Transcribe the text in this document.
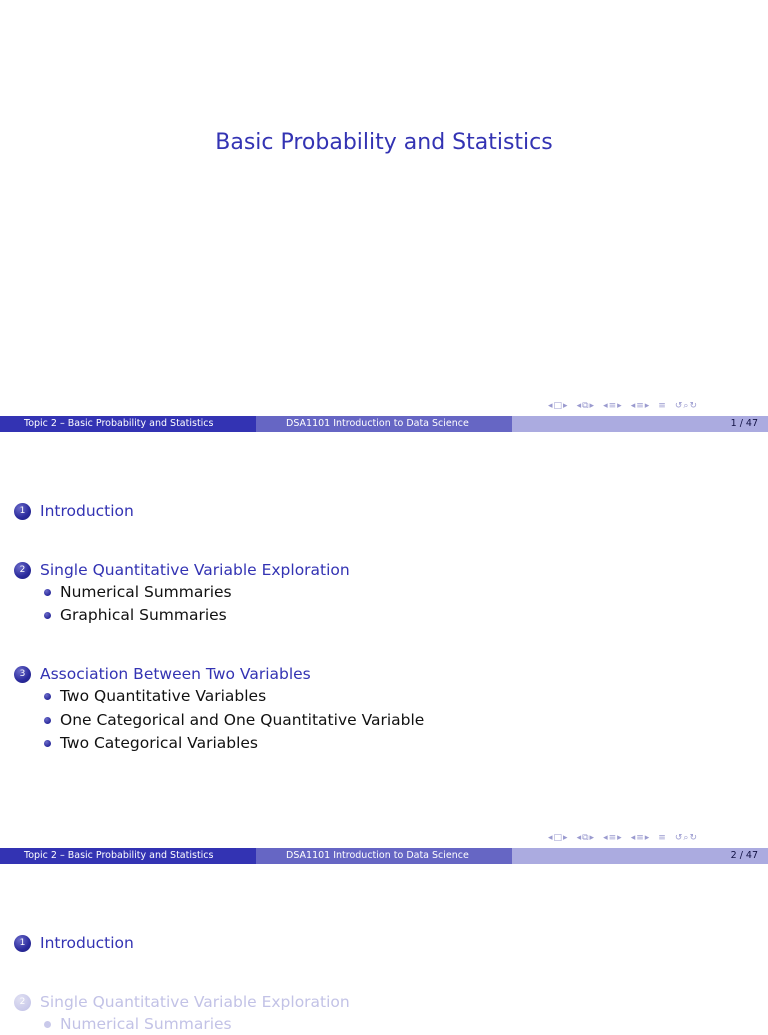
Basic Probability and Statistics
◂ □ ▸ ◂ ⧉ ▸ ◂ ≡ ▸ ◂ ≡ ▸ ≡ ↺ ⌕ ↻
Topic 2 – Basic Probability and Statistics	DSA1101 Introduction to Data Science	1 / 47
1 Introduction
2 Single Quantitative Variable Exploration
Numerical Summaries
Graphical Summaries
3 Association Between Two Variables
Two Quantitative Variables
One Categorical and One Quantitative Variable
Two Categorical Variables
◂ □ ▸ ◂ ⧉ ▸ ◂ ≡ ▸ ◂ ≡ ▸ ≡ ↺ ⌕ ↻
Topic 2 – Basic Probability and Statistics	DSA1101 Introduction to Data Science	2 / 47
1 Introduction
2 Single Quantitative Variable Exploration
Numerical Summaries
